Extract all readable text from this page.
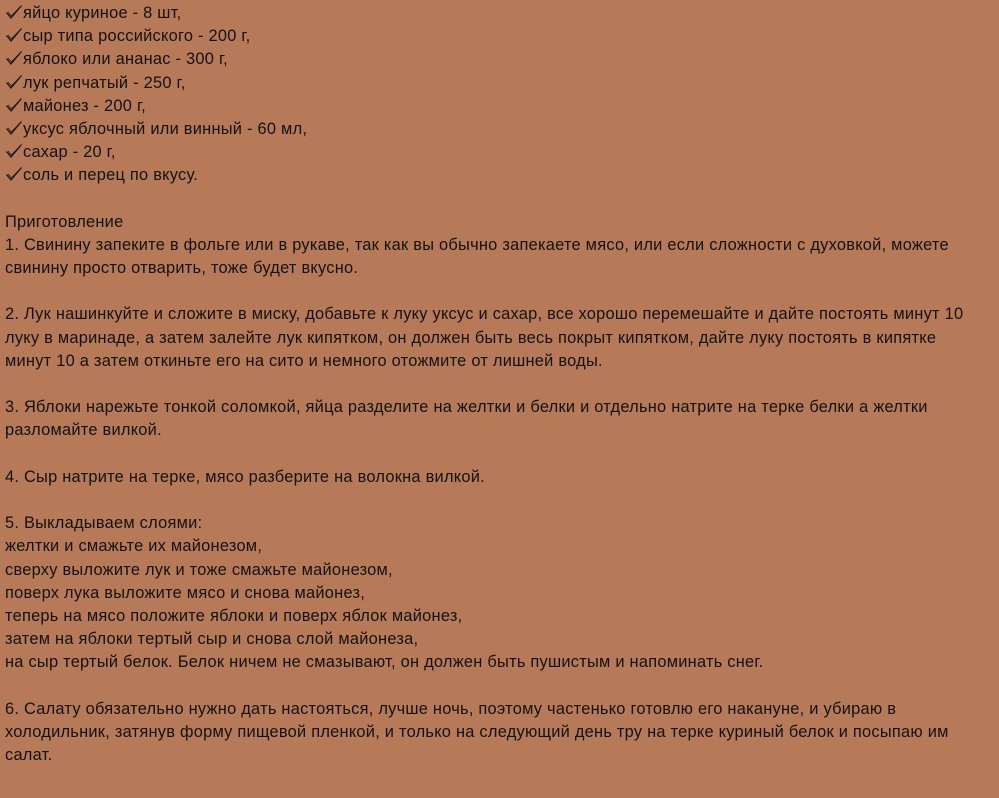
яйцо куриное - 8 шт,
сыр типа российского - 200 г,
яблоко или ананас - 300 г,
лук репчатый - 250 г,
майонез - 200 г,
уксус яблочный или винный - 60 мл,
сахар - 20 г,
соль и перец по вкусу.
Приготовление
1. Свинину запеките в фольге или в рукаве, так как вы обычно запекаете мясо, или если сложности с духовкой, можете
свинину просто отварить, тоже будет вкусно.
2. Лук нашинкуйте и сложите в миску, добавьте к луку уксус и сахар, все хорошо перемешайте и дайте постоять минут 10
луку в маринаде, а затем залейте лук кипятком, он должен быть весь покрыт кипятком, дайте луку постоять в кипятке
минут 10 а затем откиньте его на сито и немного отожмите от лишней воды.
3. Яблоки нарежьте тонкой соломкой, яйца разделите на желтки и белки и отдельно натрите на терке белки а желтки
разломайте вилкой.
4. Сыр натрите на терке, мясо разберите на волокна вилкой.
5. Выкладываем слоями:
желтки и смажьте их майонезом,
сверху выложите лук и тоже смажьте майонезом,
поверх лука выложите мясо и снова майонез,
теперь на мясо положите яблоки и поверх яблок майонез,
затем на яблоки тертый сыр и снова слой майонеза,
на сыр тертый белок. Белок ничем не смазывают, он должен быть пушистым и напоминать снег.
6. Салату обязательно нужно дать настояться, лучше ночь, поэтому частенько готовлю его накануне, и убираю в
холодильник, затянув форму пищевой пленкой, и только на следующий день тру на терке куриный белок и посыпаю им
салат.
